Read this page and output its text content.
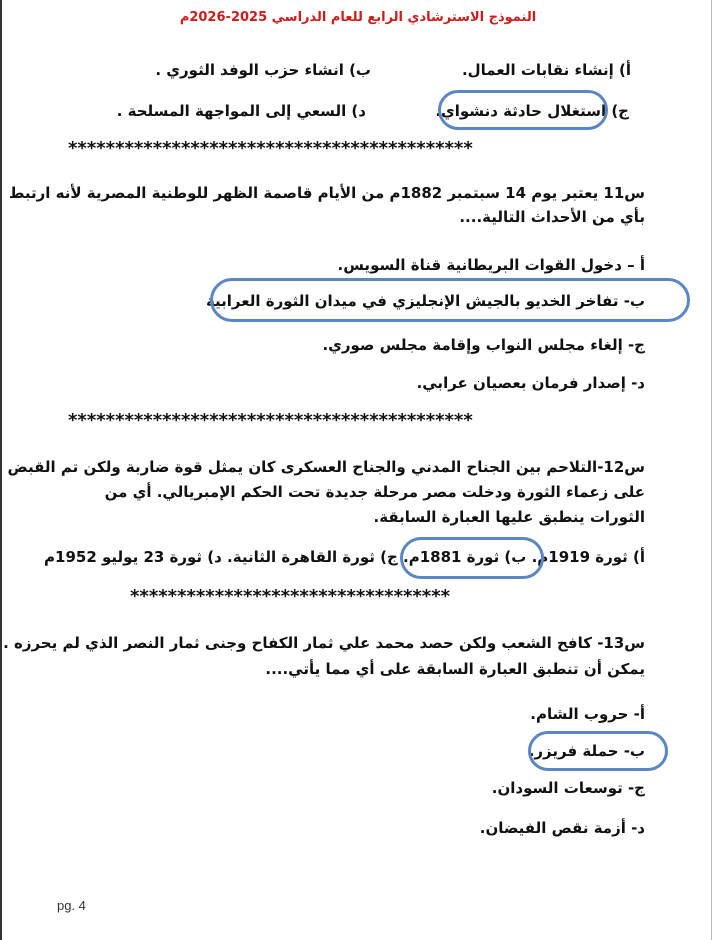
النموذج الاسترشادي الرابع للعام الدراسي 2025-2026م
أ) إنشاء نقابات العمال.
ب) انشاء حزب الوفد الثوري .
ج) استغلال حادثة دنشواي.
د) السعي إلى المواجهة المسلحة .
*******************************************
س11 يعتبر يوم 14 سبتمبر 1882م من الأيام قاصمة الظهر للوطنية المصرية لأنه ارتبط
بأي من الأحداث التالية....
أ – دخول القوات البريطانية قناة السويس.
ب- تفاخر الخديو بالجيش الإنجليزي في ميدان الثورة العرابية
ج- إلغاء مجلس النواب وإقامة مجلس صوري.
د- إصدار فرمان بعصيان عرابي.
*******************************************
س12-التلاحم بين الجناح المدني والجناح العسكرى كان يمثل قوة ضاربة ولكن تم القبض
على زعماء الثورة ودخلت مصر مرحلة جديدة تحت الحكم الإمبريالي. أي من
الثورات ينطبق عليها العبارة السابقة.
أ) ثورة 1919م. ب) ثورة 1881م. ج) ثورة القاهرة الثانية. د) ثورة 23 يوليو 1952م
**********************************
س13- كافح الشعب ولكن حصد محمد علي ثمار الكفاح وجنى ثمار النصر الذي لم يحرزه .
يمكن أن تنطبق العبارة السابقة على أي مما يأتي....
أ- حروب الشام.
ب- حملة فريزر.
ج- توسعات السودان.
د- أزمة نقص الفيضان.
pg. 4
